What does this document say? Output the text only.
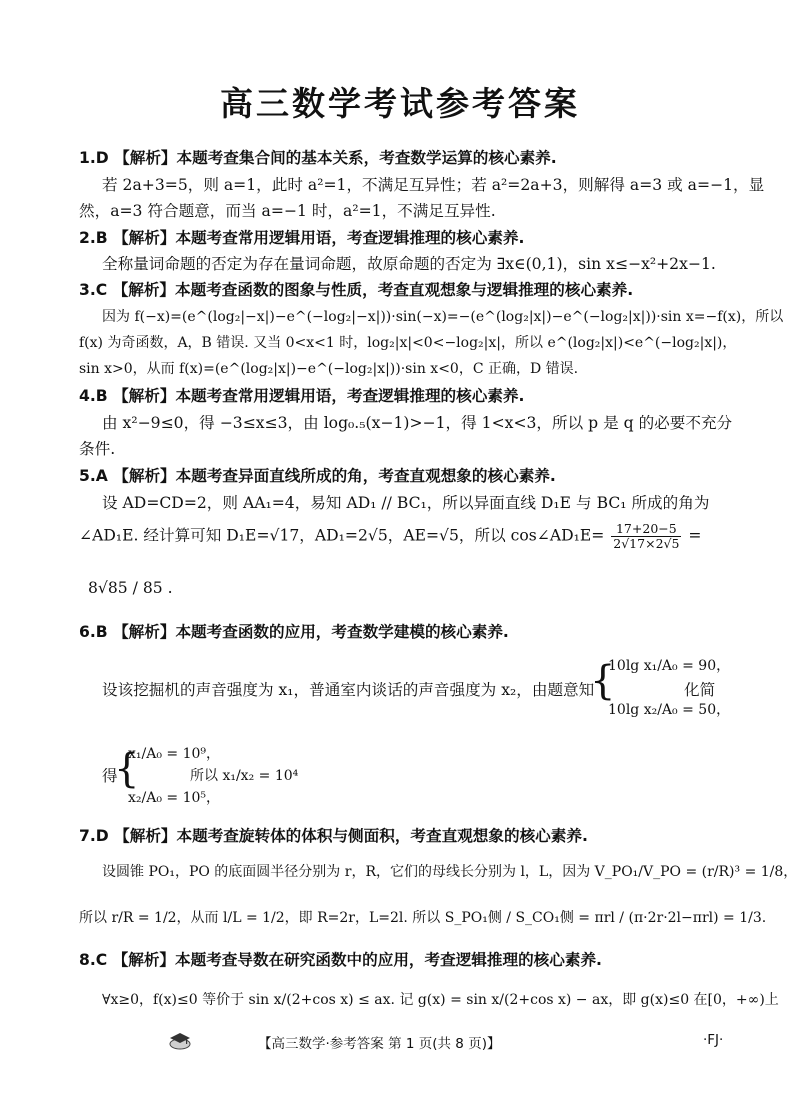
高三数学考试参考答案
1.D 【解析】本题考查集合间的基本关系，考查数学运算的核心素养.
若 2a+3=5，则 a=1，此时 a²=1，不满足互异性；若 a²=2a+3，则解得 a=3 或 a=−1，显
然，a=3 符合题意，而当 a=−1 时，a²=1，不满足互异性.
2.B 【解析】本题考查常用逻辑用语，考查逻辑推理的核心素养.
全称量词命题的否定为存在量词命题，故原命题的否定为 ∃x∈(0,1)，sin x≤−x²+2x−1.
3.C 【解析】本题考查函数的图象与性质，考查直观想象与逻辑推理的核心素养.
因为 f(−x)=(e^(log₂|−x|)−e^(−log₂|−x|))·sin(−x)=−(e^(log₂|x|)−e^(−log₂|x|))·sin x=−f(x)，所以
f(x) 为奇函数，A，B 错误. 又当 0<x<1 时，log₂|x|<0<−log₂|x|，所以 e^(log₂|x|)<e^(−log₂|x|)，
sin x>0，从而 f(x)=(e^(log₂|x|)−e^(−log₂|x|))·sin x<0，C 正确，D 错误.
4.B 【解析】本题考查常用逻辑用语，考查逻辑推理的核心素养.
由 x²−9≤0，得 −3≤x≤3，由 log₀.₅(x−1)>−1，得 1<x<3，所以 p 是 q 的必要不充分
条件.
5.A 【解析】本题考查异面直线所成的角，考查直观想象的核心素养.
设 AD=CD=2，则 AA₁=4，易知 AD₁ // BC₁，所以异面直线 D₁E 与 BC₁ 所成的角为
∠AD₁E. 经计算可知 D₁E=√17，AD₁=2√5，AE=√5，所以 cos∠AD₁E= $\frac{17+20-5}{2√17\times 2√5}$ =
8√85 / 85 .
6.B 【解析】本题考查函数的应用，考查数学建模的核心素养.
设该挖掘机的声音强度为 x₁，普通室内谈话的声音强度为 x₂，由题意知
{
10lg x₁/A₀ = 90，
10lg x₂/A₀ = 50，
化简
得
{
x₁/A₀ = 10⁹，
x₂/A₀ = 10⁵，
所以 x₁/x₂ = 10⁴
7.D 【解析】本题考查旋转体的体积与侧面积，考查直观想象的核心素养.
设圆锥 PO₁，PO 的底面圆半径分别为 r，R，它们的母线长分别为 l，L，因为 V_PO₁/V_PO = (r/R)³ = 1/8，
所以 r/R = 1/2，从而 l/L = 1/2，即 R=2r，L=2l. 所以 S_PO₁侧 / S_CO₁侧 = πrl / (π·2r·2l−πrl) = 1/3.
8.C 【解析】本题考查导数在研究函数中的应用，考查逻辑推理的核心素养.
∀x≥0，f(x)≤0 等价于 sin x/(2+cos x) ≤ ax. 记 g(x) = sin x/(2+cos x) − ax，即 g(x)≤0 在[0，+∞)上
【高三数学·参考答案 第 1 页(共 8 页)】	·FJ·
